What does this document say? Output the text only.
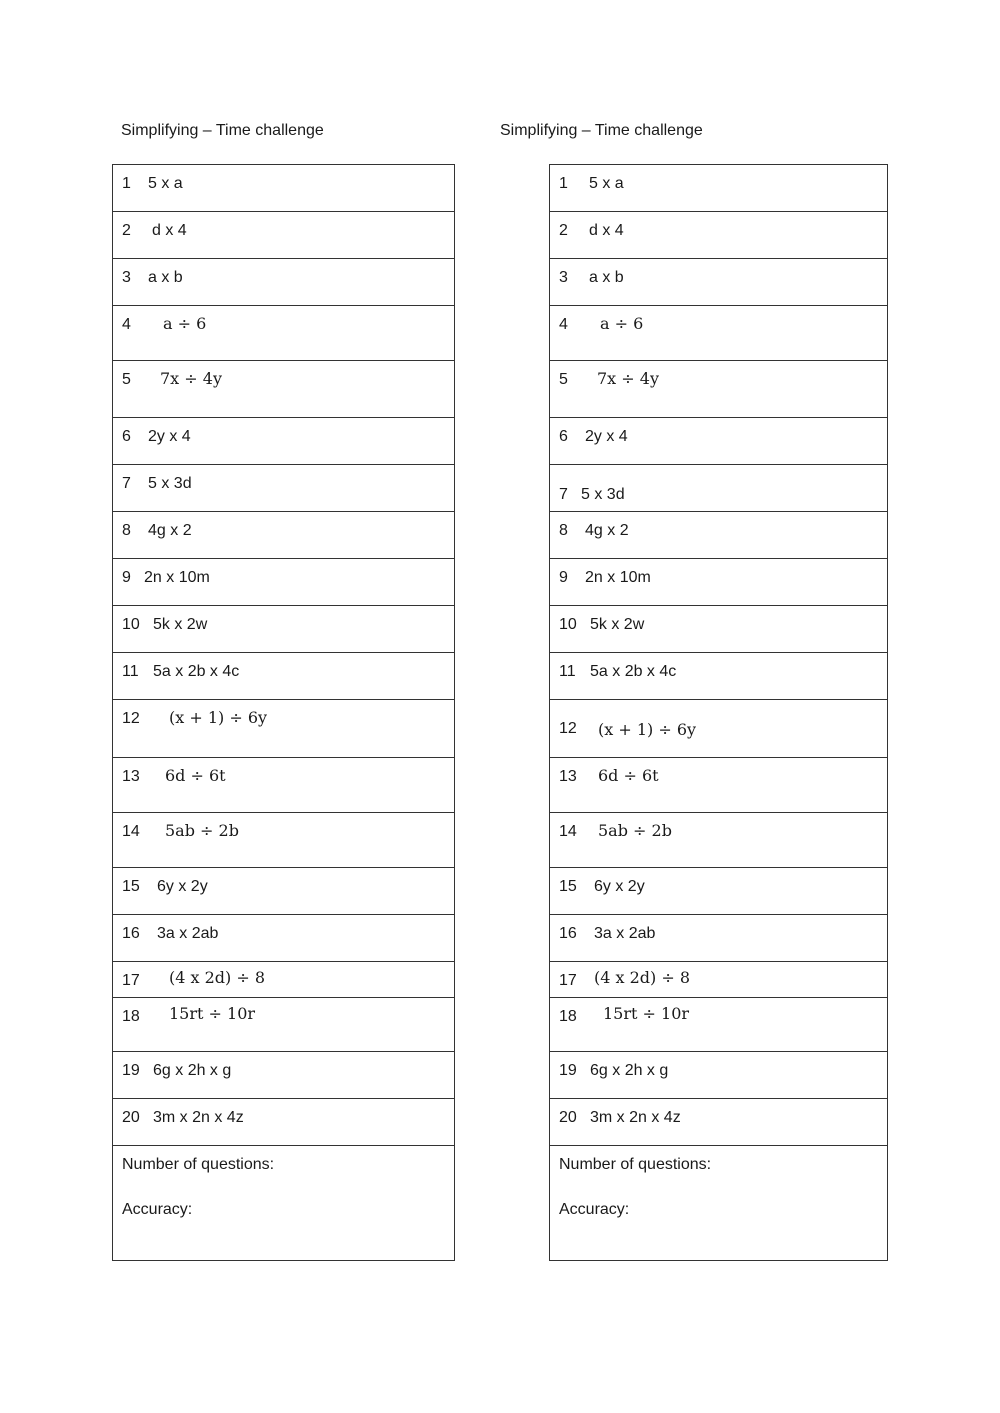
Simplifying – Time challenge
1 5 x a

2 d x 4

3 a x b

4 a ÷ 6

5 7x ÷ 4y

6 2y x 4

7 5 x 3d

8 4g x 2

9 2n x 10m

10 5k x 2w

11 5a x 2b x 4c

12 (x + 1) ÷ 6y

13 6d ÷ 6t

14 5ab ÷ 2b

15 6y x 2y

16 3a x 2ab

17 (4 x 2d) ÷ 8

18 15rt ÷ 10r

19 6g x 2h x g

20 3m x 2n x 4z

Number of questions:
Accuracy:
Simplifying – Time challenge
1 5 x a

2 d x 4

3 a x b

4 a ÷ 6

5 7x ÷ 4y

6 2y x 4

7 5 x 3d

8 4g x 2

9 2n x 10m

10 5k x 2w

11 5a x 2b x 4c

12 (x + 1) ÷ 6y

13 6d ÷ 6t

14 5ab ÷ 2b

15 6y x 2y

16 3a x 2ab

17 (4 x 2d) ÷ 8

18 15rt ÷ 10r

19 6g x 2h x g

20 3m x 2n x 4z

Number of questions:
Accuracy:
